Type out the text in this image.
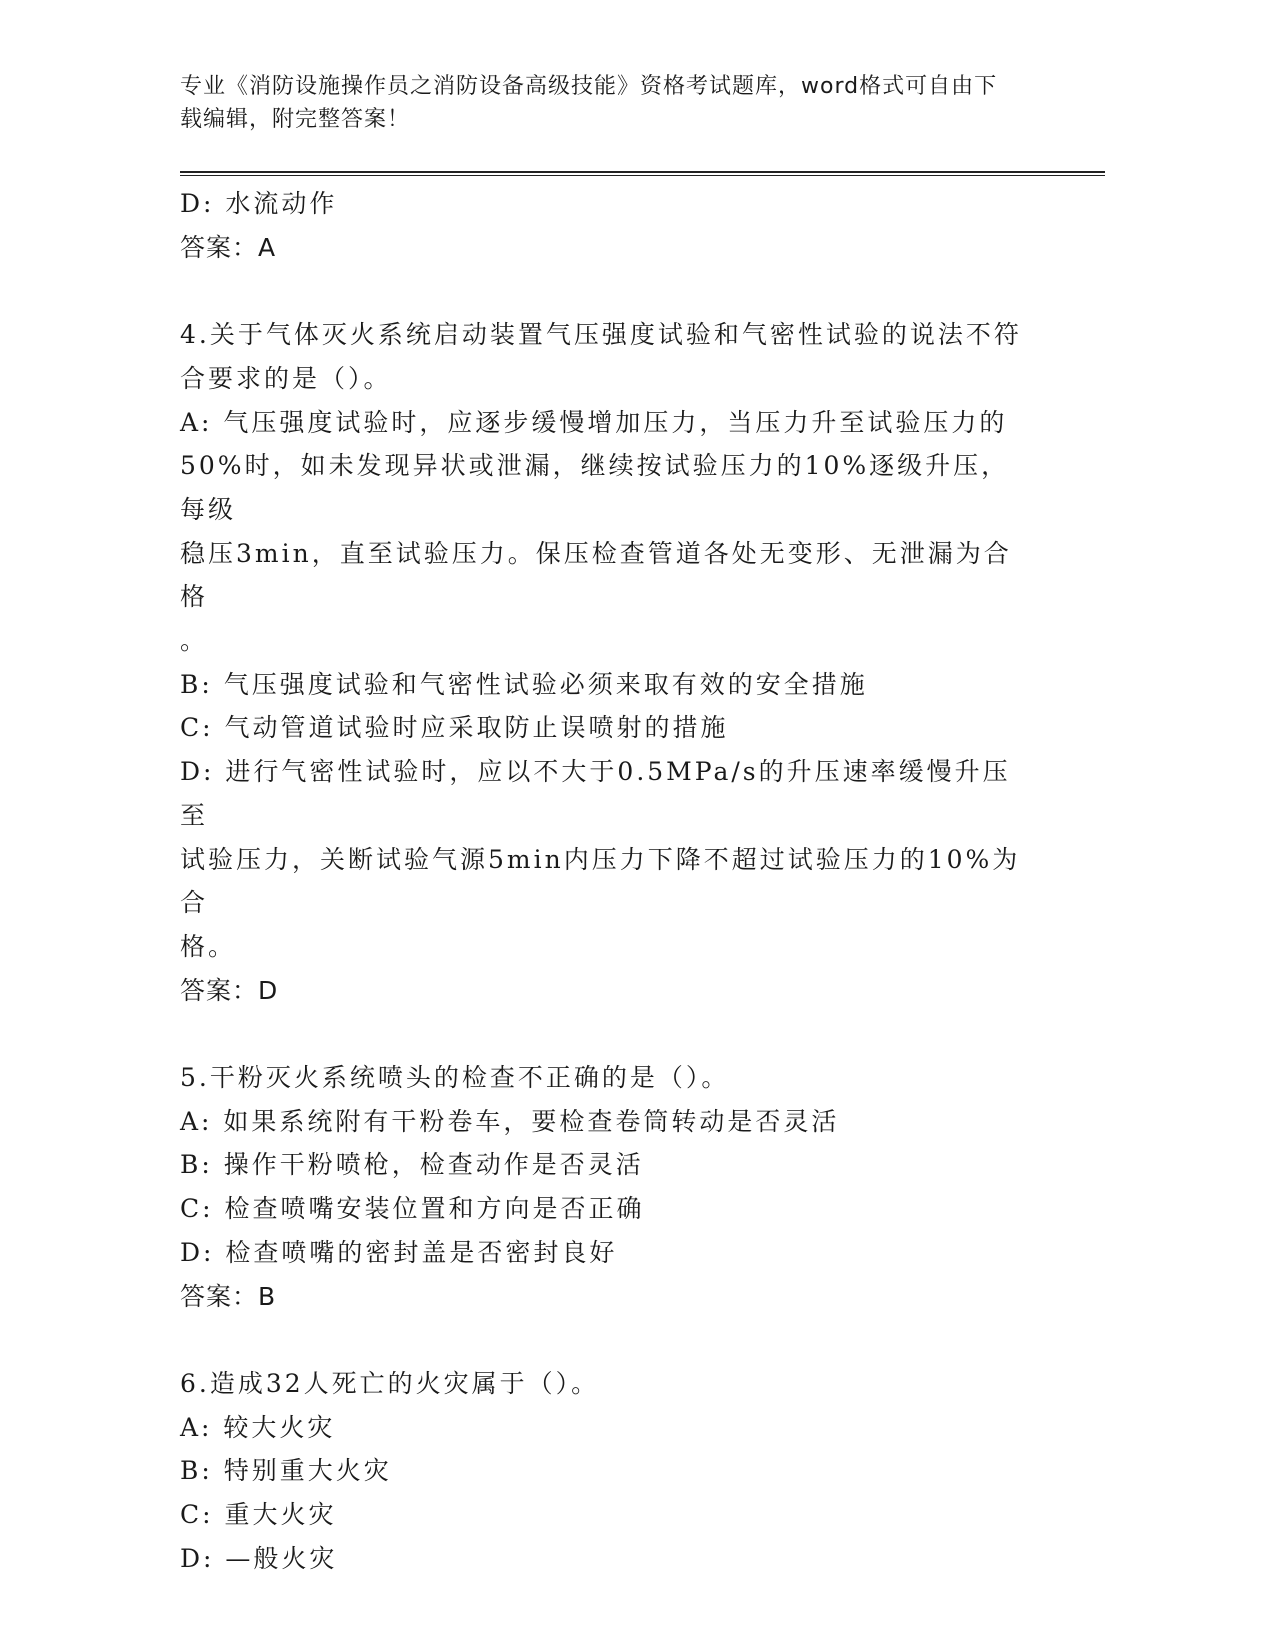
专业《消防设施操作员之消防设备高级技能》资格考试题库，word格式可自由下
载编辑，附完整答案！
D: 水流动作
答案：A
4.关于气体灭火系统启动装置气压强度试验和气密性试验的说法不符
合要求的是（）。
A: 气压强度试验时，应逐步缓慢增加压力，当压力升至试验压力的
50%时，如未发现异状或泄漏，继续按试验压力的10%逐级升压，每级
稳压3min，直至试验压力。保压检查管道各处无变形、无泄漏为合格
。
B: 气压强度试验和气密性试验必须来取有效的安全措施
C: 气动管道试验时应采取防止误喷射的措施
D: 进行气密性试验时，应以不大于0.5MPa/s的升压速率缓慢升压至
试验压力，关断试验气源5min内压力下降不超过试验压力的10%为合
格。
答案：D
5.干粉灭火系统喷头的检查不正确的是（）。
A: 如果系统附有干粉卷车，要检查卷筒转动是否灵活
B: 操作干粉喷枪，检查动作是否灵活
C: 检查喷嘴安装位置和方向是否正确
D: 检查喷嘴的密封盖是否密封良好
答案：B
6.造成32人死亡的火灾属于（）。
A: 较大火灾
B: 特别重大火灾
C: 重大火灾
D: —般火灾
